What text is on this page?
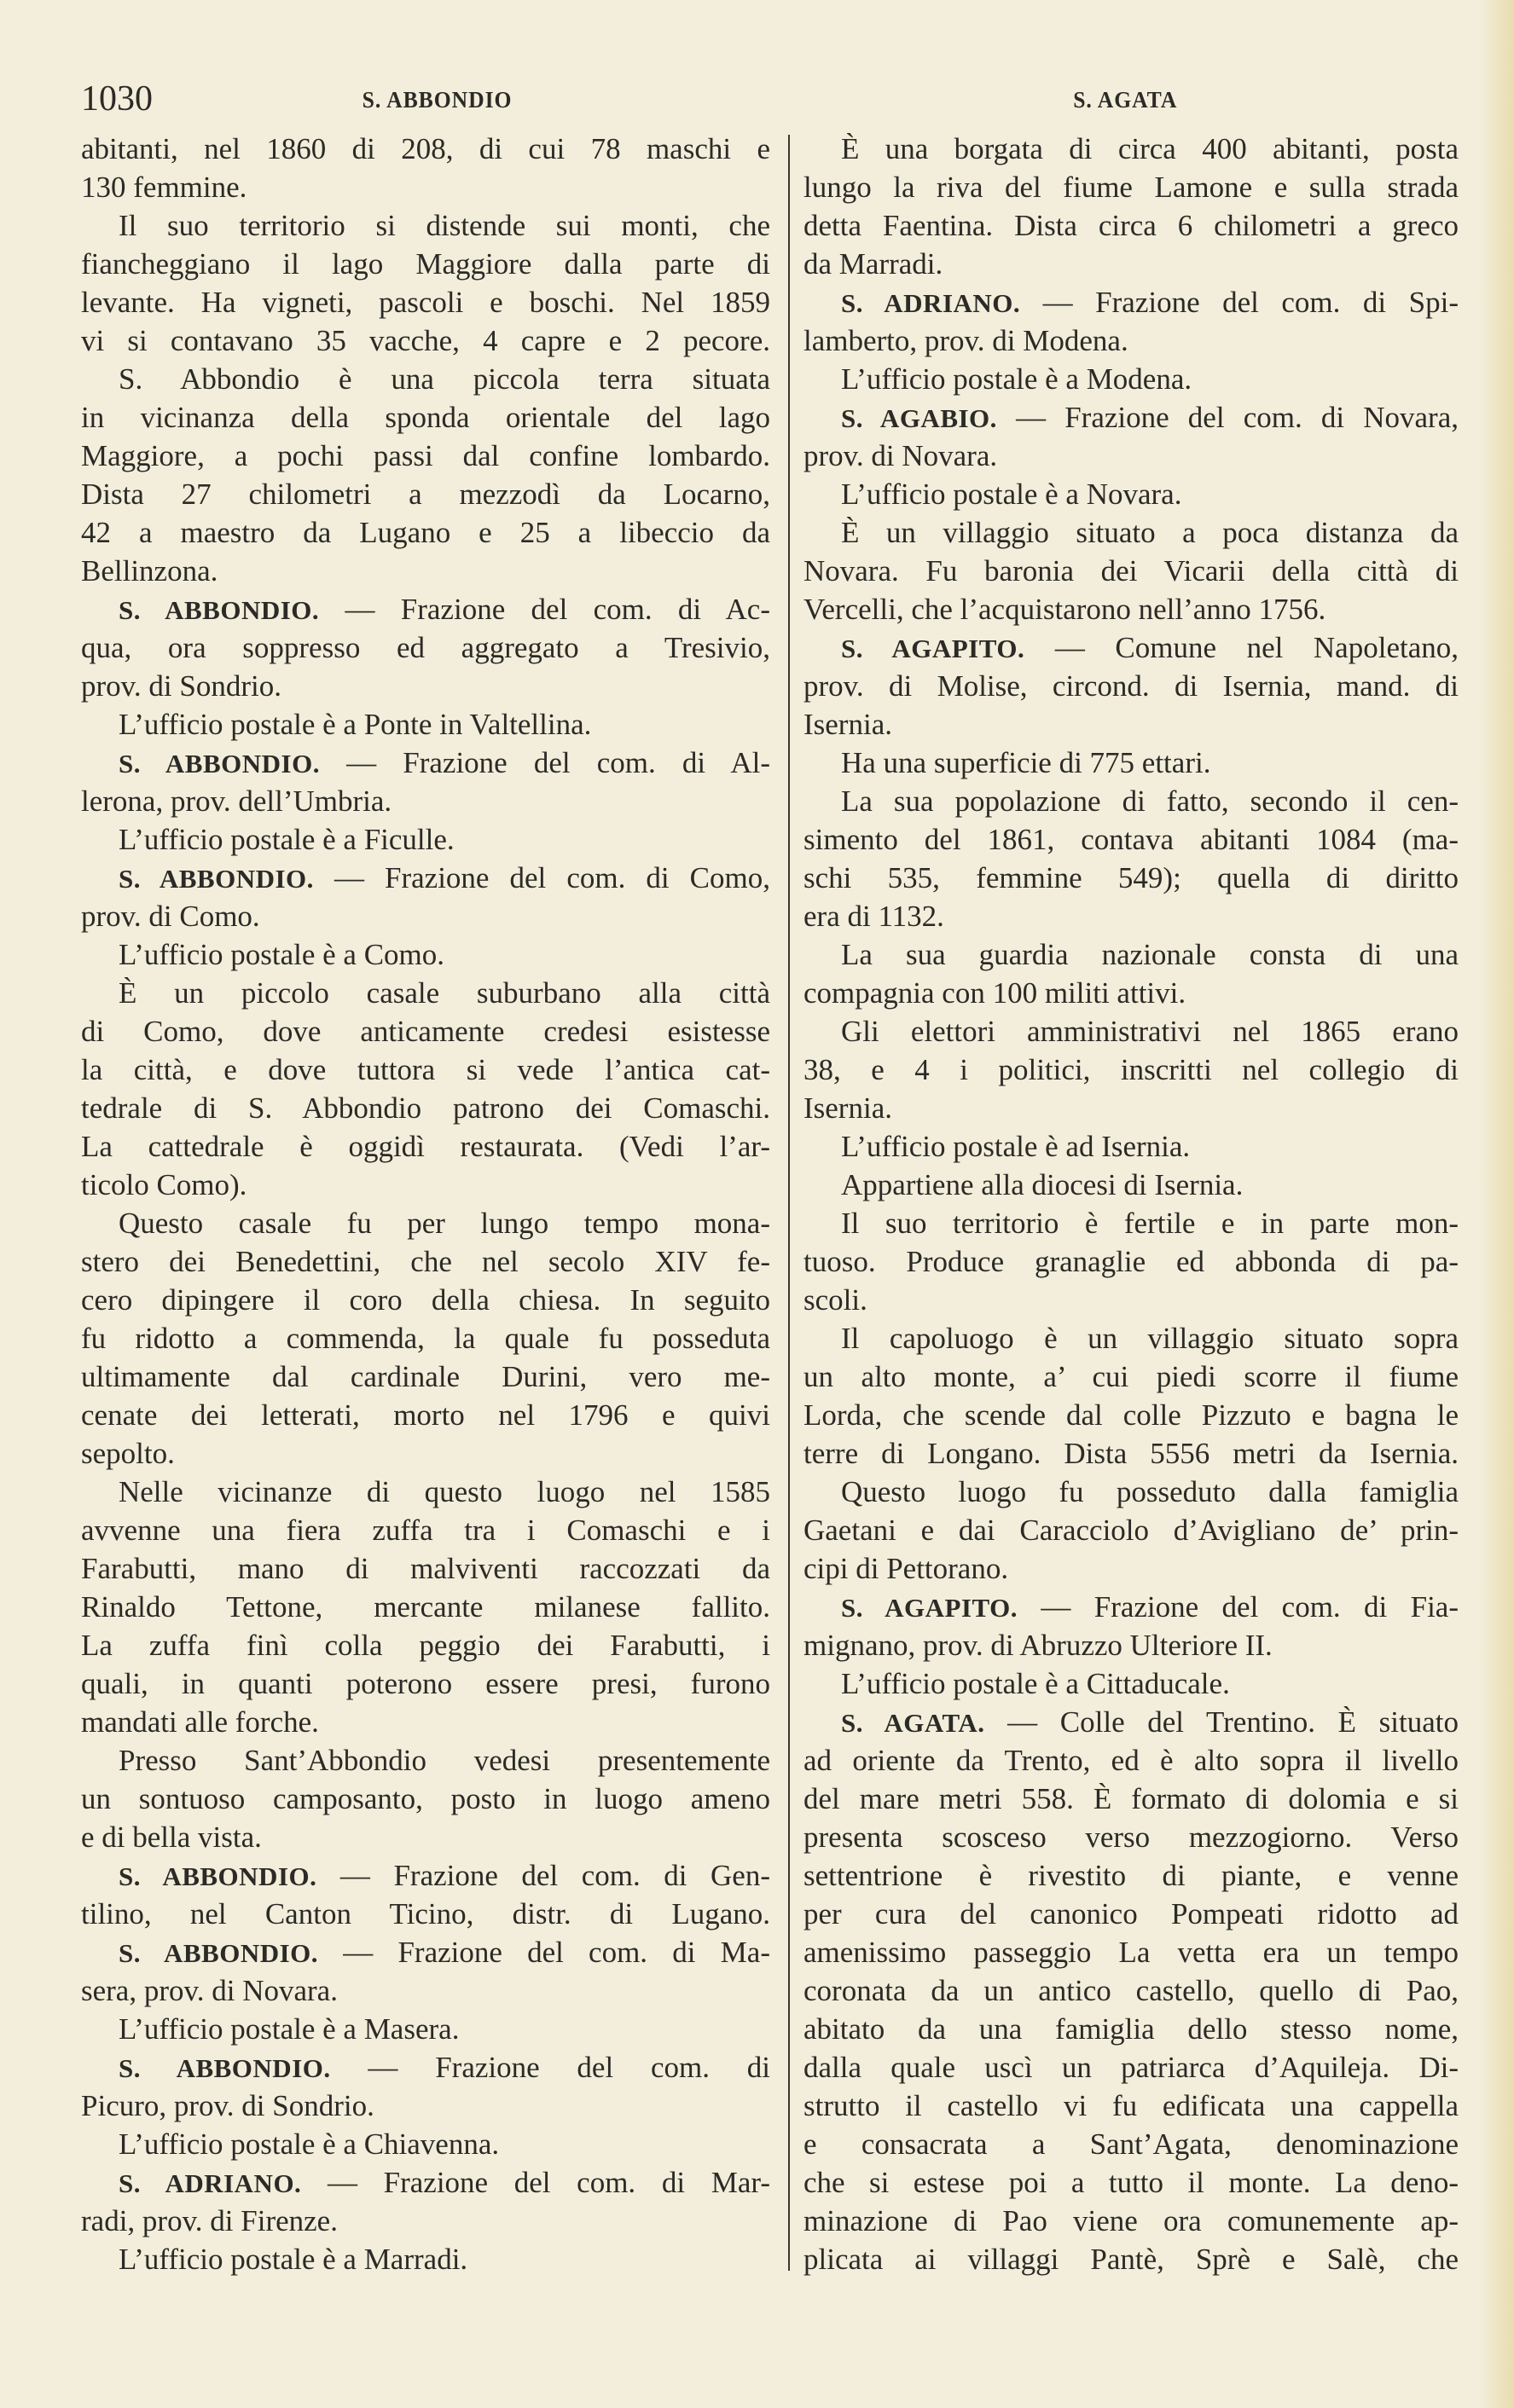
1030	S. ABBONDIO	S. AGATA
abitanti, nel 1860 di 208, di cui 78 maschi e
130 femmine.
Il suo territorio si distende sui monti, che
fiancheggiano il lago Maggiore dalla parte di
levante. Ha vigneti, pascoli e boschi. Nel 1859
vi si contavano 35 vacche, 4 capre e 2 pecore.
S. Abbondio è una piccola terra situata
in vicinanza della sponda orientale del lago
Maggiore, a pochi passi dal confine lombardo.
Dista 27 chilometri a mezzodì da Locarno,
42 a maestro da Lugano e 25 a libeccio da
Bellinzona.
S. ABBONDIO. — Frazione del com. di Ac-
qua, ora soppresso ed aggregato a Tresivio,
prov. di Sondrio.
L’ufficio postale è a Ponte in Valtellina.
S. ABBONDIO. — Frazione del com. di Al-
lerona, prov. dell’Umbria.
L’ufficio postale è a Ficulle.
S. ABBONDIO. — Frazione del com. di Como,
prov. di Como.
L’ufficio postale è a Como.
È un piccolo casale suburbano alla città
di Como, dove anticamente credesi esistesse
la città, e dove tuttora si vede l’antica cat-
tedrale di S. Abbondio patrono dei Comaschi.
La cattedrale è oggidì restaurata. (Vedi l’ar-
ticolo Como).
Questo casale fu per lungo tempo mona-
stero dei Benedettini, che nel secolo XIV fe-
cero dipingere il coro della chiesa. In seguito
fu ridotto a commenda, la quale fu posseduta
ultimamente dal cardinale Durini, vero me-
cenate dei letterati, morto nel 1796 e quivi
sepolto.
Nelle vicinanze di questo luogo nel 1585
avvenne una fiera zuffa tra i Comaschi e i
Farabutti, mano di malviventi raccozzati da
Rinaldo Tettone, mercante milanese fallito.
La zuffa finì colla peggio dei Farabutti, i
quali, in quanti poterono essere presi, furono
mandati alle forche.
Presso Sant’Abbondio vedesi presentemente
un sontuoso camposanto, posto in luogo ameno
e di bella vista.
S. ABBONDIO. — Frazione del com. di Gen-
tilino, nel Canton Ticino, distr. di Lugano.
S. ABBONDIO. — Frazione del com. di Ma-
sera, prov. di Novara.
L’ufficio postale è a Masera.
S. ABBONDIO. — Frazione del com. di
Picuro, prov. di Sondrio.
L’ufficio postale è a Chiavenna.
S. ADRIANO. — Frazione del com. di Mar-
radi, prov. di Firenze.
L’ufficio postale è a Marradi.
È una borgata di circa 400 abitanti, posta
lungo la riva del fiume Lamone e sulla strada
detta Faentina. Dista circa 6 chilometri a greco
da Marradi.
S. ADRIANO. — Frazione del com. di Spi-
lamberto, prov. di Modena.
L’ufficio postale è a Modena.
S. AGABIO. — Frazione del com. di Novara,
prov. di Novara.
L’ufficio postale è a Novara.
È un villaggio situato a poca distanza da
Novara. Fu baronia dei Vicarii della città di
Vercelli, che l’acquistarono nell’anno 1756.
S. AGAPITO. — Comune nel Napoletano,
prov. di Molise, circond. di Isernia, mand. di
Isernia.
Ha una superficie di 775 ettari.
La sua popolazione di fatto, secondo il cen-
simento del 1861, contava abitanti 1084 (ma-
schi 535, femmine 549); quella di diritto
era di 1132.
La sua guardia nazionale consta di una
compagnia con 100 militi attivi.
Gli elettori amministrativi nel 1865 erano
38, e 4 i politici, inscritti nel collegio di
Isernia.
L’ufficio postale è ad Isernia.
Appartiene alla diocesi di Isernia.
Il suo territorio è fertile e in parte mon-
tuoso. Produce granaglie ed abbonda di pa-
scoli.
Il capoluogo è un villaggio situato sopra
un alto monte, a’ cui piedi scorre il fiume
Lorda, che scende dal colle Pizzuto e bagna le
terre di Longano. Dista 5556 metri da Isernia.
Questo luogo fu posseduto dalla famiglia
Gaetani e dai Caracciolo d’Avigliano de’ prin-
cipi di Pettorano.
S. AGAPITO. — Frazione del com. di Fia-
mignano, prov. di Abruzzo Ulteriore II.
L’ufficio postale è a Cittaducale.
S. AGATA. — Colle del Trentino. È situato
ad oriente da Trento, ed è alto sopra il livello
del mare metri 558. È formato di dolomia e si
presenta scosceso verso mezzogiorno. Verso
settentrione è rivestito di piante, e venne
per cura del canonico Pompeati ridotto ad
amenissimo passeggio La vetta era un tempo
coronata da un antico castello, quello di Pao,
abitato da una famiglia dello stesso nome,
dalla quale uscì un patriarca d’Aquileja. Di-
strutto il castello vi fu edificata una cappella
e consacrata a Sant’Agata, denominazione
che si estese poi a tutto il monte. La deno-
minazione di Pao viene ora comunemente ap-
plicata ai villaggi Pantè, Sprè e Salè, che
